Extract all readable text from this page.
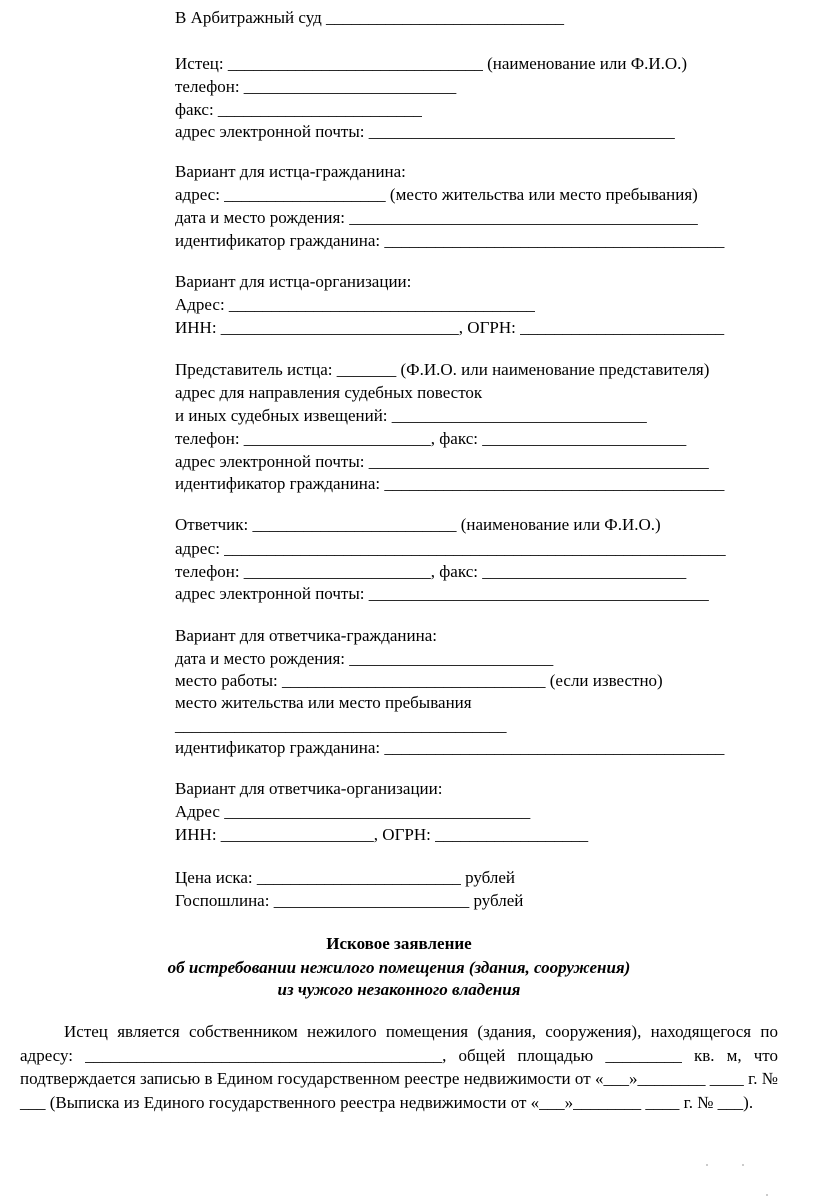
В Арбитражный суд ____________________________
Истец: ______________________________ (наименование или Ф.И.О.)
телефон: _________________________
факс: ________________________
адрес электронной почты: ____________________________________
Вариант для истца-гражданина:
адрес: ___________________ (место жительства или место пребывания)
дата и место рождения: _________________________________________
идентификатор гражданина: ________________________________________
Вариант для истца-организации:
Адрес: ____________________________________
ИНН: ____________________________, ОГРН: ________________________
Представитель истца: _______ (Ф.И.О. или наименование представителя)
адрес для направления судебных повесток
и иных судебных извещений: ______________________________
телефон: ______________________, факс: ________________________
адрес электронной почты: ________________________________________
идентификатор гражданина: ________________________________________
Ответчик: ________________________ (наименование или Ф.И.О.)
адрес: ___________________________________________________________
телефон: ______________________, факс: ________________________
адрес электронной почты: ________________________________________
Вариант для ответчика-гражданина:
дата и место рождения: ________________________
место работы: _______________________________ (если известно)
место жительства или место пребывания
_______________________________________
идентификатор гражданина: ________________________________________
Вариант для ответчика-организации:
Адрес ____________________________________
ИНН: __________________, ОГРН: __________________
Цена иска: ________________________ рублей
Госпошлина: _______________________ рублей
Исковое заявление
об истребовании нежилого помещения (здания, сооружения)
из чужого незаконного владения

Истец является собственником нежилого помещения (здания, сооружения), находящегося по адресу: __________________________________________, общей площадью _________ кв. м, что подтверждается записью в Едином государственном реестре недвижимости от «___»________ ____ г. № ___ (Выписка из Единого государственного реестра недвижимости от «___»________ ____ г. № ___).
